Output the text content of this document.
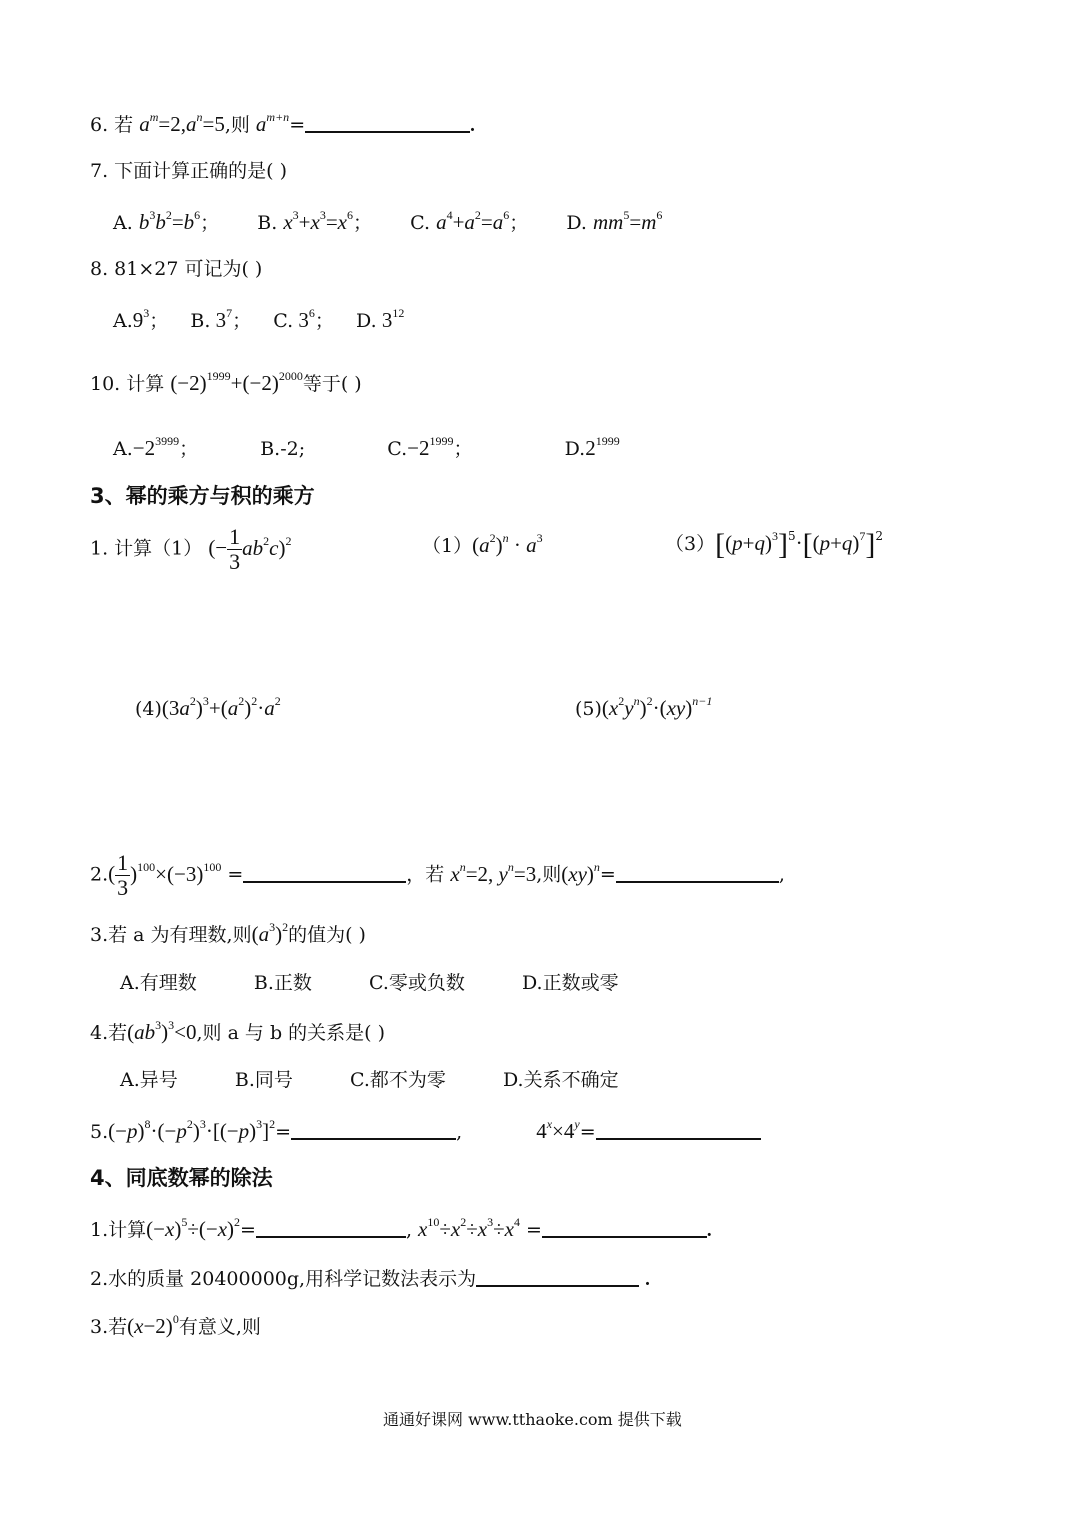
6. 若 $a^m=2,a^n=5$,则 $a^{m+n}=$	.
7. 下面计算正确的是( )
A. $b^3b^2=b^6$； B. $x^3+x^3=x^6$； C. $a^4+a^2=a^6$； D. $mm^5=m^6$
8. 81×27 可记为( )
$A.9^3$； B. $3^7$； C. $3^6$； D. $3^{12}$
10. 计算 $(-2)^{1999}+(-2)^{2000}$等于( )
$A.-2^{3999}$；	B.-2;	$C.-2^{1999}$；	$D.2^{1999}$
3、幂的乘方与积的乘方
1. 计算（1） (− $\frac{1}{3} ab^2c)^2$	$(1)(a^2)^n \cdot a^3$	$(3)[(p+q)^3]^5\cdot[(p+q)^7]^2$
$(4)(3a^2)^3+(a^2)^2\cdot a^2$	$(5)(x^2y^n)^2\cdot(xy)^{n-1}$
$2.( \frac{1}{3} )^{100}\times(-3)^{100}$ =	，若 $x^n=2$, $y^n=3$,则(xy)$^n$=	,
3.若 a 为有理数,则$(a^3)^2$的值为( )
A.有理数	B.正数	C.零或负数	D.正数或零
4.若$(ab^3)^3<0$,则 a 与 b 的关系是( )
A.异号	B.同号	C.都不为零	D.关系不确定
$5.(-p)^8\cdot(-p^2)^3\cdot[(-p)^3]^2=$	,	$4^x\times 4^y=$
4、同底数幂的除法
1.计算$(-x)^5\div(-x)^2=$	, $x^{10}\div x^2\div x^3\div x^4$ =	.
2.水的质量 20400000g,用科学记数法表示为	.
3.若$(x-2)^0$有意义,则
通通好课网 www.tthaoke.com 提供下载
